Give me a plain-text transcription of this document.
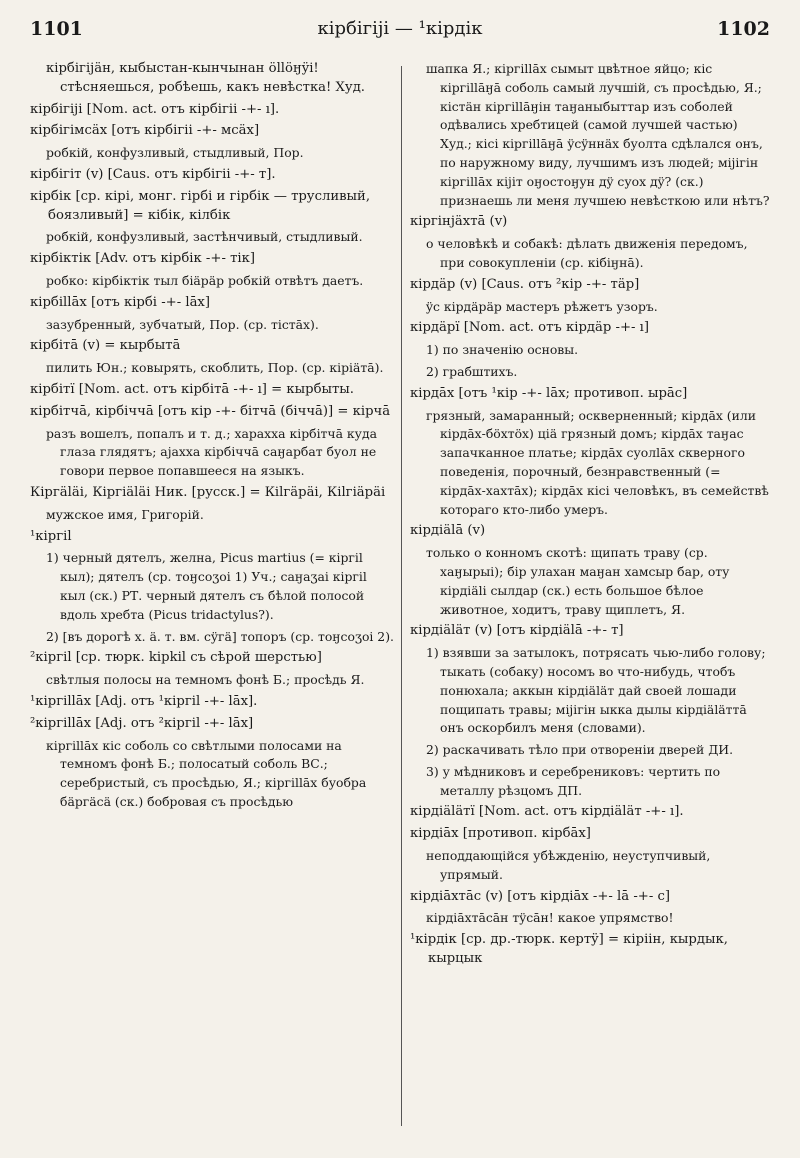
1101	кірбігіјі — ¹кірдік	1102
кірбігіјäн, кыбыстан-кынчынан öllöӈÿi! стѣсняешься, робѣешь, какъ невѣстка! Худ.
кірбігіјі [Nom. act. отъ кірбігіі -+- ı].
кірбігімсäх [отъ кірбігіі -+- мсäх]
робкій, конфузливый, стыдливый, Пор.
кірбігіт (v) [Caus. отъ кірбігіі -+- т].
кірбік [ср. кірі, монг. гірбі и гірбік — трусливый, боязливый] = кібік, кілбік
робкій, конфузливый, застѣнчивый, стыдливый.
кірбіктік [Adv. отъ кірбік -+- тік]
робко: кірбіктік тыл біäрäр робкій отвѣтъ даетъ.
кірбіllāх [отъ кірбі -+- lāх]
зазубренный, зубчатый, Пор. (ср. тістāх).
кірбітā (v) = кырбытā
пилить Юн.; ковырять, скоблить, Пор. (ср. кіріäтā).
кірбітї [Nom. act. отъ кірбітā -+- ı] = кырбыты.
кірбітчā, кірбіччā [отъ кір -+- бітчā (біччā)] = кірчā
разъ вошелъ, попалъ и т. д.; харахха кірбітчā куда глаза глядятъ; ајахха кірбіччā саӈарбат буол не говори первое попавшееся на языкъ.
Кіргäläі, Кіргіäläі Ник. [русск.] = Кіlгäрäі, Кіlгіäрäі
мужское имя, Григорій.
¹кіргіl
1) черный дятелъ, желна, Picus martius (= кіргіl кыл); дятелъ (ср. тоӈсоӡоі 1) Уч.; саӈаӡаі кіргіl кыл (ск.) РТ. черный дятелъ съ бѣлой полосой вдоль хребта (Picus tridactylus?).
2) [въ дорогѣ х. ä. т. вм. сÿгä] топоръ (ср. тоӈсоӡоі 2).
²кіргіl [ср. тюрк. kipkil съ сѣрой шерстью]
свѣтлыя полосы на темномъ фонѣ Б.; просѣдь Я.
¹кіргіllāх [Adj. отъ ¹кіргіl -+- lāх].
²кіргіllāх [Adj. отъ ²кіргіl -+- lāх]
кіргіllāх кіс соболь со свѣтлыми полосами на темномъ фонѣ Б.; полосатый соболь ВС.; серебристый, съ просѣдью, Я.; кіргіllāх буобра бäргäсä (ск.) бобровая съ просѣдью
шапка Я.; кіргіllāх сымыт цвѣтное яйцо; кіс кіргіllāӈā соболь самый лучшій, съ просѣдью, Я.; кістäн кіргіllāӈін таӈаныбыттар изъ соболей одѣвались хребтицей (самой лучшей частью) Худ.; кісі кіргіllāӈā ÿсÿннäх буолта сдѣлался онъ, по наружному виду, лучшимъ изъ людей; міјігін кіргіllāх кіјіт оӈостоӈун дÿ суох дÿ? (ск.) признаешь ли меня лучшею невѣсткою или нѣтъ?
кіргінјäхтā (v)
о человѣкѣ и собакѣ: дѣлать движенія передомъ, при совокупленіи (ср. кібіӈнā).
кірдäр (v) [Caus. отъ ²кір -+- тäр]
ÿс кірдäрäр мастеръ рѣжетъ узоръ.
кірдäрї [Nom. act. отъ кірдäр -+- ı]
1) по значенію основы.
2) грабштихъ.
кірдāх [отъ ¹кір -+- lāх; противоп. ырāс]
грязный, замаранный; оскверненный; кірдāх (или кірдāх-бöхтöх) ціä грязный домъ; кірдāх таӈас запачканное платье; кірдāх суолlāх скверного поведенія, порочный, безнравственный (= кірдāх-хахтāх); кірдāх кісі человѣкъ, въ семействѣ котораго кто-либо умеръ.
кірдіälā (v)
только о конномъ скотѣ: щипать траву (ср. хаӈырыі); бір улахан маӈан хамсыр бар, оту кірдіälі сылдар (ск.) есть большое бѣлое животное, ходитъ, траву щиплетъ, Я.
кірдіäläт (v) [отъ кірдіälā -+- т]
1) взявши за затылокъ, потрясать чью-либо голову; тыкать (собаку) носомъ во что-нибудь, чтобъ понюхала; аккын кірдіäläт дай своей лошади пощипать травы; міјігін ыкка дылы кірдіäläттā онъ оскорбилъ меня (словами).
2) раскачивать тѣло при отвореніи дверей ДИ.
3) у мѣдниковъ и серебрениковъ: чертить по металлу рѣзцомъ ДП.
кірдіäläтї [Nom. act. отъ кірдіäläт -+- ı].
кірдіāх [противоп. кірбāх]
неподдающійся убѣжденію, неуступчивый, упрямый.
кірдіāхтāс (v) [отъ кірдіāх -+- lā -+- с]
кірдіāхтāсāн тÿсāн! какое упрямство!
¹кірдік [ср. др.-тюрк. кертÿ] = кіріін, кырдык, кырцык
